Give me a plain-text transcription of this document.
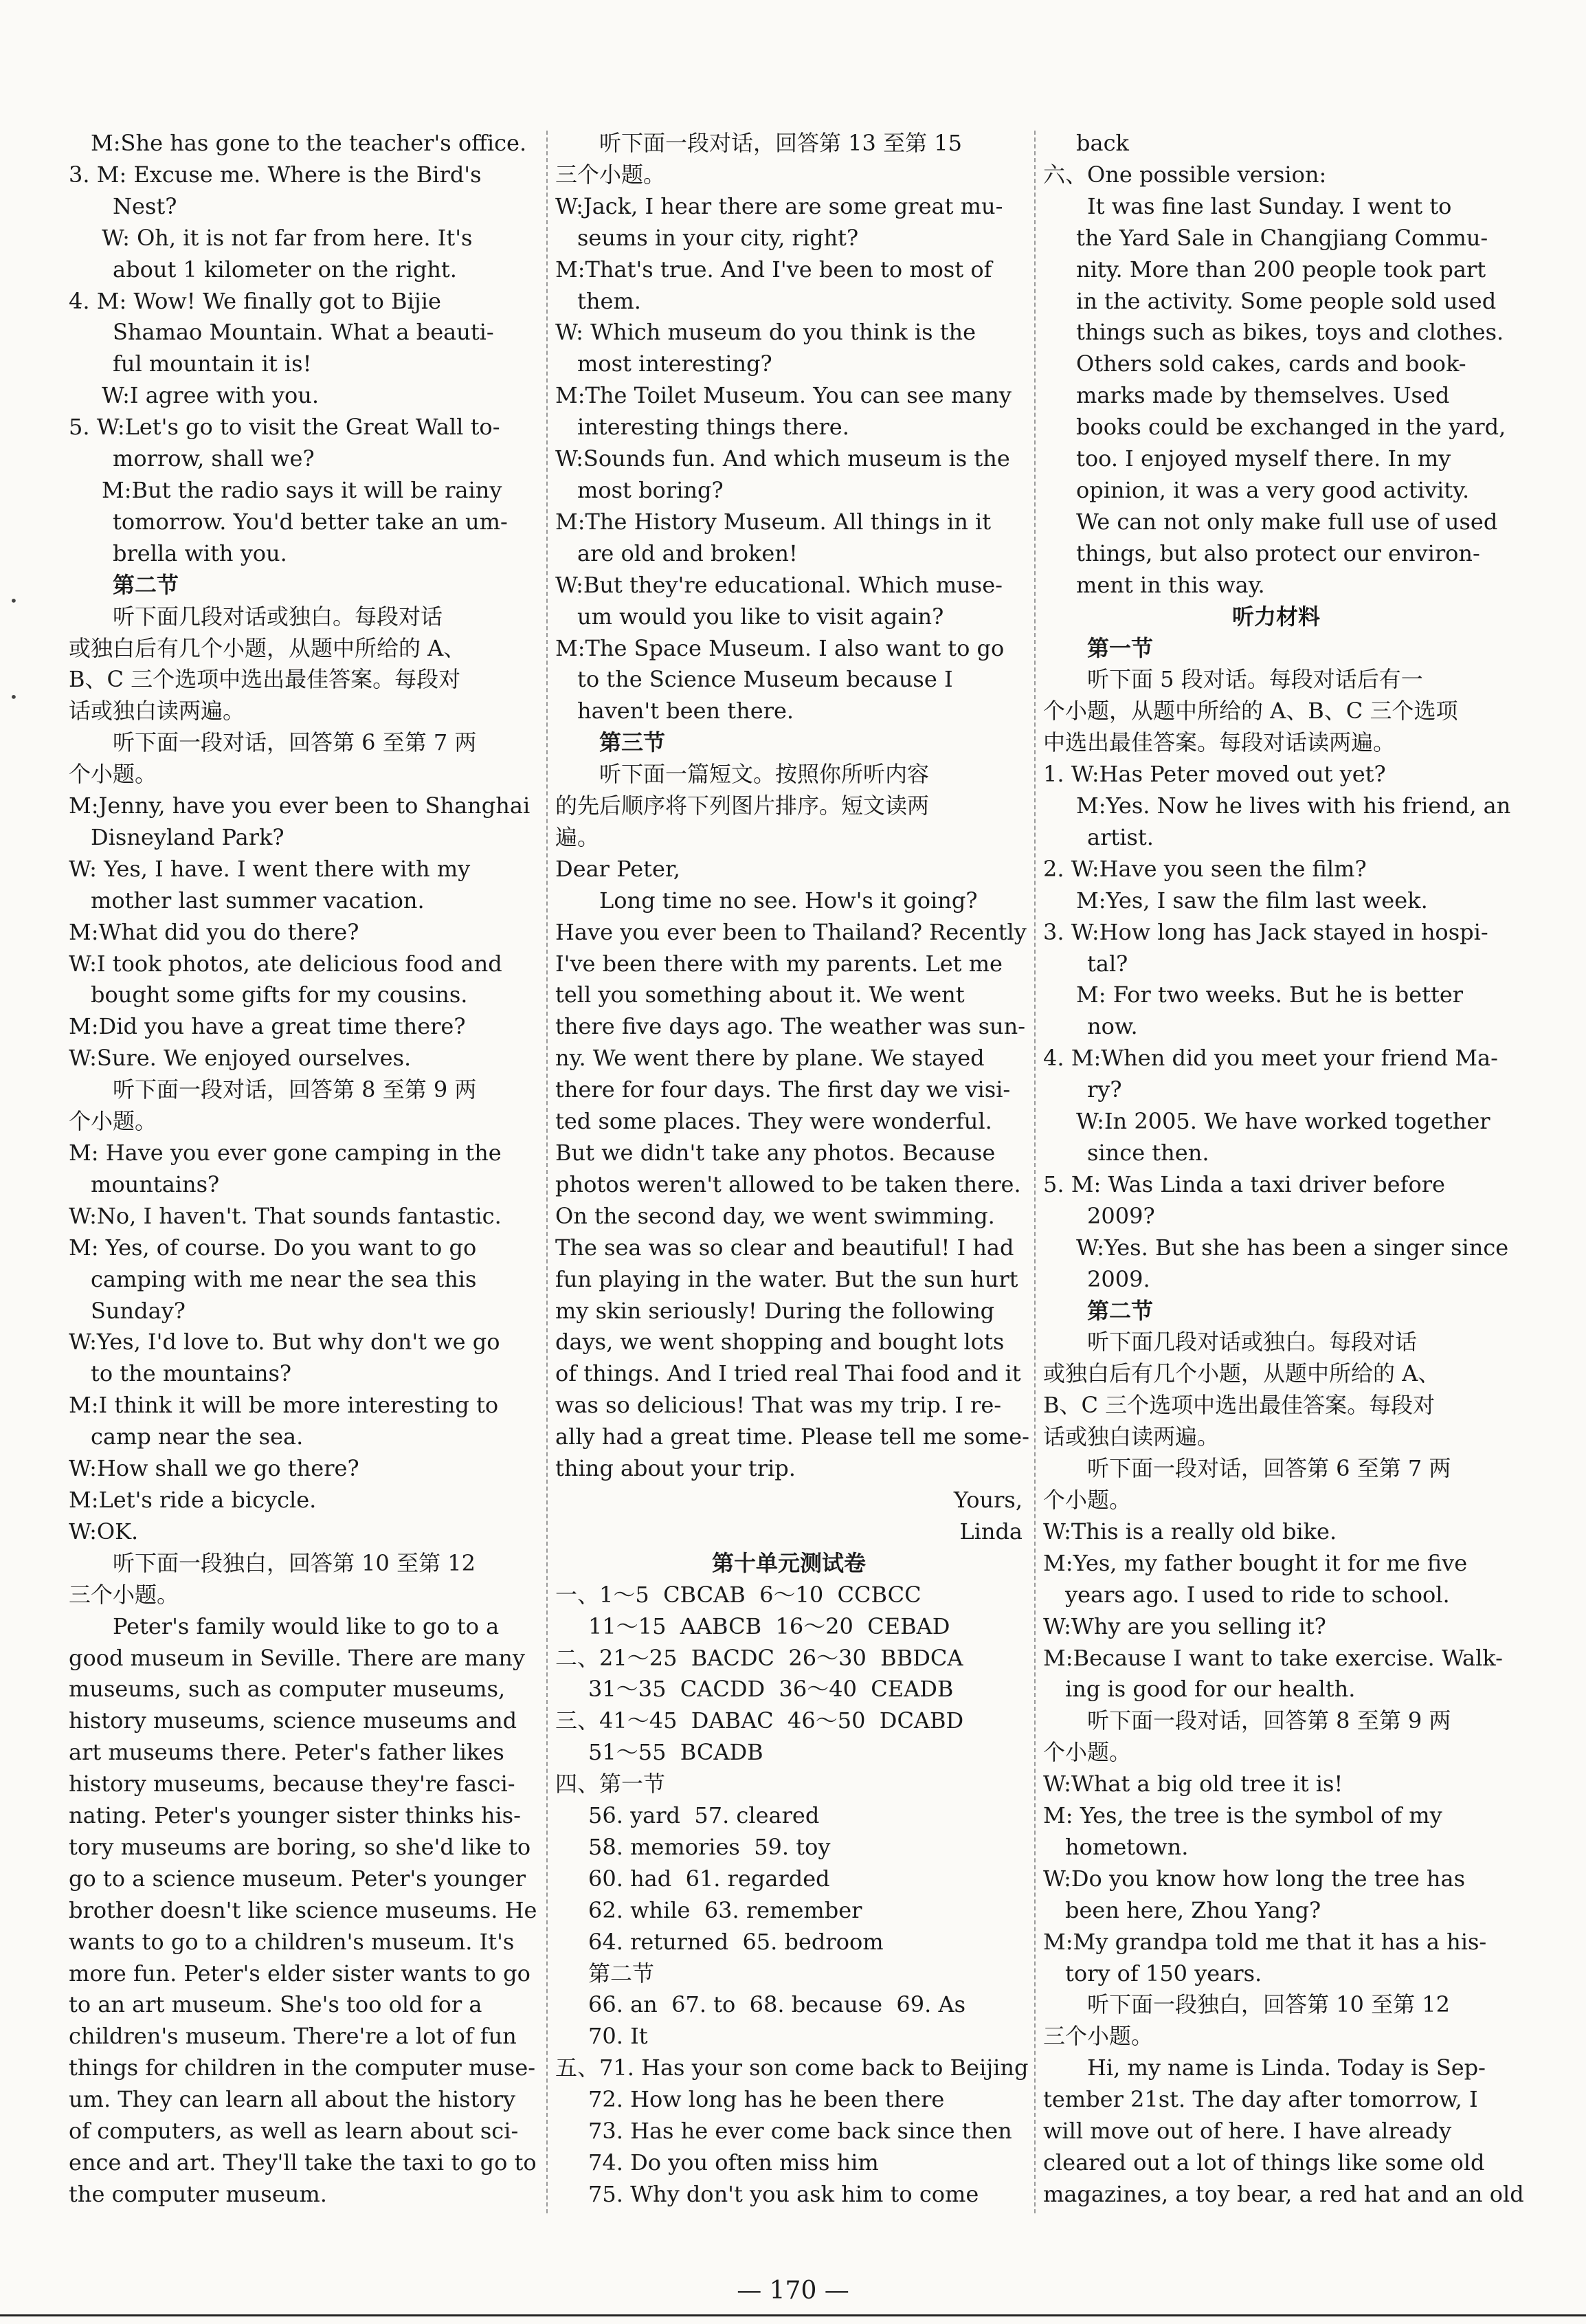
•
•
M:She has gone to the teacher's office.
3. M: Excuse me. Where is the Bird's
Nest?
W: Oh, it is not far from here. It's
about 1 kilometer on the right.
4. M: Wow! We finally got to Bijie
Shamao Mountain. What a beauti-
ful mountain it is!
W:I agree with you.
5. W:Let's go to visit the Great Wall to-
morrow, shall we?
M:But the radio says it will be rainy
tomorrow. You'd better take an um-
brella with you.
第二节
听下面几段对话或独白。每段对话
或独白后有几个小题，从题中所给的 A、
B、C 三个选项中选出最佳答案。每段对
话或独白读两遍。
听下面一段对话，回答第 6 至第 7 两
个小题。
M:Jenny, have you ever been to Shanghai
Disneyland Park?
W: Yes, I have. I went there with my
mother last summer vacation.
M:What did you do there?
W:I took photos, ate delicious food and
bought some gifts for my cousins.
M:Did you have a great time there?
W:Sure. We enjoyed ourselves.
听下面一段对话，回答第 8 至第 9 两
个小题。
M: Have you ever gone camping in the
mountains?
W:No, I haven't. That sounds fantastic.
M: Yes, of course. Do you want to go
camping with me near the sea this
Sunday?
W:Yes, I'd love to. But why don't we go
to the mountains?
M:I think it will be more interesting to
camp near the sea.
W:How shall we go there?
M:Let's ride a bicycle.
W:OK.
听下面一段独白，回答第 10 至第 12
三个小题。
Peter's family would like to go to a
good museum in Seville. There are many
museums, such as computer museums,
history museums, science museums and
art museums there. Peter's father likes
history museums, because they're fasci-
nating. Peter's younger sister thinks his-
tory museums are boring, so she'd like to
go to a science museum. Peter's younger
brother doesn't like science museums. He
wants to go to a children's museum. It's
more fun. Peter's elder sister wants to go
to an art museum. She's too old for a
children's museum. There're a lot of fun
things for children in the computer muse-
um. They can learn all about the history
of computers, as well as learn about sci-
ence and art. They'll take the taxi to go to
the computer museum.
听下面一段对话，回答第 13 至第 15
三个小题。
W:Jack, I hear there are some great mu-
seums in your city, right?
M:That's true. And I've been to most of
them.
W: Which museum do you think is the
most interesting?
M:The Toilet Museum. You can see many
interesting things there.
W:Sounds fun. And which museum is the
most boring?
M:The History Museum. All things in it
are old and broken!
W:But they're educational. Which muse-
um would you like to visit again?
M:The Space Museum. I also want to go
to the Science Museum because I
haven't been there.
第三节
听下面一篇短文。按照你所听内容
的先后顺序将下列图片排序。短文读两
遍。
Dear Peter,
Long time no see. How's it going?
Have you ever been to Thailand? Recently
I've been there with my parents. Let me
tell you something about it. We went
there five days ago. The weather was sun-
ny. We went there by plane. We stayed
there for four days. The first day we visi-
ted some places. They were wonderful.
But we didn't take any photos. Because
photos weren't allowed to be taken there.
On the second day, we went swimming.
The sea was so clear and beautiful! I had
fun playing in the water. But the sun hurt
my skin seriously! During the following
days, we went shopping and bought lots
of things. And I tried real Thai food and it
was so delicious! That was my trip. I re-
ally had a great time. Please tell me some-
thing about your trip.
Yours,
Linda
第十单元测试卷
一、1～5  CBCAB  6～10  CCBCC
11～15  AABCB  16～20  CEBAD
二、21～25  BACDC  26～30  BBDCA
31～35  CACDD  36～40  CEADB
三、41～45  DABAC  46～50  DCABD
51～55  BCADB
四、第一节
56. yard  57. cleared
58. memories  59. toy
60. had  61. regarded
62. while  63. remember
64. returned  65. bedroom
第二节
66. an  67. to  68. because  69. As
70. It
五、71. Has your son come back to Beijing
72. How long has he been there
73. Has he ever come back since then
74. Do you often miss him
75. Why don't you ask him to come
back
六、One possible version:
It was fine last Sunday. I went to
the Yard Sale in Changjiang Commu-
nity. More than 200 people took part
in the activity. Some people sold used
things such as bikes, toys and clothes.
Others sold cakes, cards and book-
marks made by themselves. Used
books could be exchanged in the yard,
too. I enjoyed myself there. In my
opinion, it was a very good activity.
We can not only make full use of used
things, but also protect our environ-
ment in this way.
听力材料
第一节
听下面 5 段对话。每段对话后有一
个小题，从题中所给的 A、B、C 三个选项
中选出最佳答案。每段对话读两遍。
1. W:Has Peter moved out yet?
M:Yes. Now he lives with his friend, an
artist.
2. W:Have you seen the film?
M:Yes, I saw the film last week.
3. W:How long has Jack stayed in hospi-
tal?
M: For two weeks. But he is better
now.
4. M:When did you meet your friend Ma-
ry?
W:In 2005. We have worked together
since then.
5. M: Was Linda a taxi driver before
2009?
W:Yes. But she has been a singer since
2009.
第二节
听下面几段对话或独白。每段对话
或独白后有几个小题，从题中所给的 A、
B、C 三个选项中选出最佳答案。每段对
话或独白读两遍。
听下面一段对话，回答第 6 至第 7 两
个小题。
W:This is a really old bike.
M:Yes, my father bought it for me five
years ago. I used to ride to school.
W:Why are you selling it?
M:Because I want to take exercise. Walk-
ing is good for our health.
听下面一段对话，回答第 8 至第 9 两
个小题。
W:What a big old tree it is!
M: Yes, the tree is the symbol of my
hometown.
W:Do you know how long the tree has
been here, Zhou Yang?
M:My grandpa told me that it has a his-
tory of 150 years.
听下面一段独白，回答第 10 至第 12
三个小题。
Hi, my name is Linda. Today is Sep-
tember 21st. The day after tomorrow, I
will move out of here. I have already
cleared out a lot of things like some old
magazines, a toy bear, a red hat and an old
— 170 —
